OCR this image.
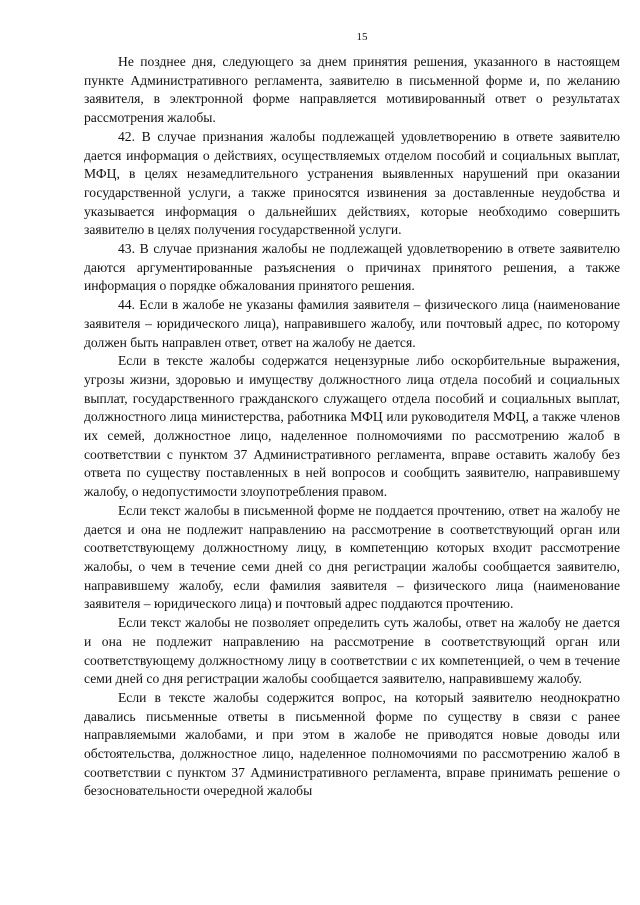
15

Не позднее дня, следующего за днем принятия решения, указанного в настоящем пункте Административного регламента, заявителю в письменной форме и, по желанию заявителя, в электронной форме направляется мотивированный ответ о результатах рассмотрения жалобы.

42. В случае признания жалобы подлежащей удовлетворению в ответе заявителю дается информация о действиях, осуществляемых отделом пособий и социальных выплат, МФЦ, в целях незамедлительного устранения выявленных нарушений при оказании государственной услуги, а также приносятся извинения за доставленные неудобства и указывается информация о дальнейших действиях, которые необходимо совершить заявителю в целях получения государственной услуги.

43. В случае признания жалобы не подлежащей удовлетворению в ответе заявителю даются аргументированные разъяснения о причинах принятого решения, а также информация о порядке обжалования принятого решения.

44. Если в жалобе не указаны фамилия заявителя – физического лица (наименование заявителя – юридического лица), направившего жалобу, или почтовый адрес, по которому должен быть направлен ответ, ответ на жалобу не дается.

Если в тексте жалобы содержатся нецензурные либо оскорбительные выражения, угрозы жизни, здоровью и имуществу должностного лица отдела пособий и социальных выплат, государственного гражданского служащего отдела пособий и социальных выплат, должностного лица министерства, работника МФЦ или руководителя МФЦ, а также членов их семей, должностное лицо, наделенное полномочиями по рассмотрению жалоб в соответствии с пунктом 37 Административного регламента, вправе оставить жалобу без ответа по существу поставленных в ней вопросов и сообщить заявителю, направившему жалобу, о недопустимости злоупотребления правом.

Если текст жалобы в письменной форме не поддается прочтению, ответ на жалобу не дается и она не подлежит направлению на рассмотрение в соответствующий орган или соответствующему должностному лицу, в компетенцию которых входит рассмотрение жалобы, о чем в течение семи дней со дня регистрации жалобы сообщается заявителю, направившему жалобу, если фамилия заявителя – физического лица (наименование заявителя – юридического лица) и почтовый адрес поддаются прочтению.

Если текст жалобы не позволяет определить суть жалобы, ответ на жалобу не дается и она не подлежит направлению на рассмотрение в соответствующий орган или соответствующему должностному лицу в соответствии с их компетенцией, о чем в течение семи дней со дня регистрации жалобы сообщается заявителю, направившему жалобу.

Если в тексте жалобы содержится вопрос, на который заявителю неоднократно давались письменные ответы в письменной форме по существу в связи с ранее направляемыми жалобами, и при этом в жалобе не приводятся новые доводы или обстоятельства, должностное лицо, наделенное полномочиями по рассмотрению жалоб в соответствии с пунктом 37 Административного регламента, вправе принимать решение о безосновательности очередной жалобы
